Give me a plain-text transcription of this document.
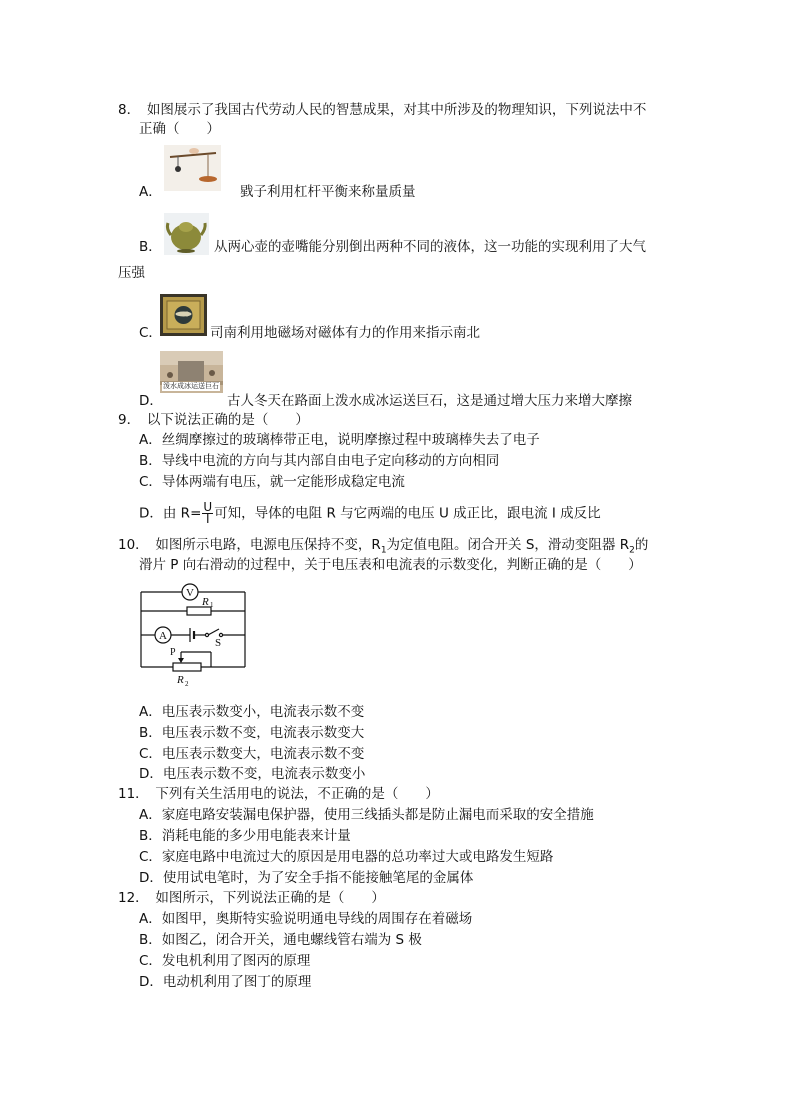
8．　如图展示了我国古代劳动人民的智慧成果，对其中所涉及的物理知识，下列说法中不
正确（　　）
A．	戥子利用杠杆平衡来称量质量
B．	从两心壶的壶嘴能分别倒出两种不同的液体，这一功能的实现利用了大气
压强
C．	司南利用地磁场对磁体有力的作用来指示南北
泼水成冰运送巨石
D．	古人冬天在路面上泼水成冰运送巨石，这是通过增大压力来增大摩擦
9．　以下说法正确的是（　　）
A．丝绸摩擦过的玻璃棒带正电，说明摩擦过程中玻璃棒失去了电子
B．导线中电流的方向与其内部自由电子定向移动的方向相同
C．导体两端有电压，就一定能形成稳定电流
D．由 $R= \frac{U}{I}$ 可知，导体的电阻 R 与它两端的电压 U 成正比，跟电流 I 成反比
10．　如图所示电路，电源电压保持不变，$R_1$为定值电阻。闭合开关 S，滑动变阻器 $R_2$的
滑片 P 向右滑动的过程中，关于电压表和电流表的示数变化，判断正确的是（　　）
V
A
R 1
P
S
R 2
A．电压表示数变小，电流表示数不变
B．电压表示数不变，电流表示数变大
C．电压表示数变大，电流表示数不变
D．电压表示数不变，电流表示数变小
11．　下列有关生活用电的说法，不正确的是（　　）
A．家庭电路安装漏电保护器，使用三线插头都是防止漏电而采取的安全措施
B．消耗电能的多少用电能表来计量
C．家庭电路中电流过大的原因是用电器的总功率过大或电路发生短路
D．使用试电笔时，为了安全手指不能接触笔尾的金属体
12．　如图所示，下列说法正确的是（　　）
A．如图甲，奥斯特实验说明通电导线的周围存在着磁场
B．如图乙，闭合开关，通电螺线管右端为 S 极
C．发电机利用了图丙的原理
D．电动机利用了图丁的原理
